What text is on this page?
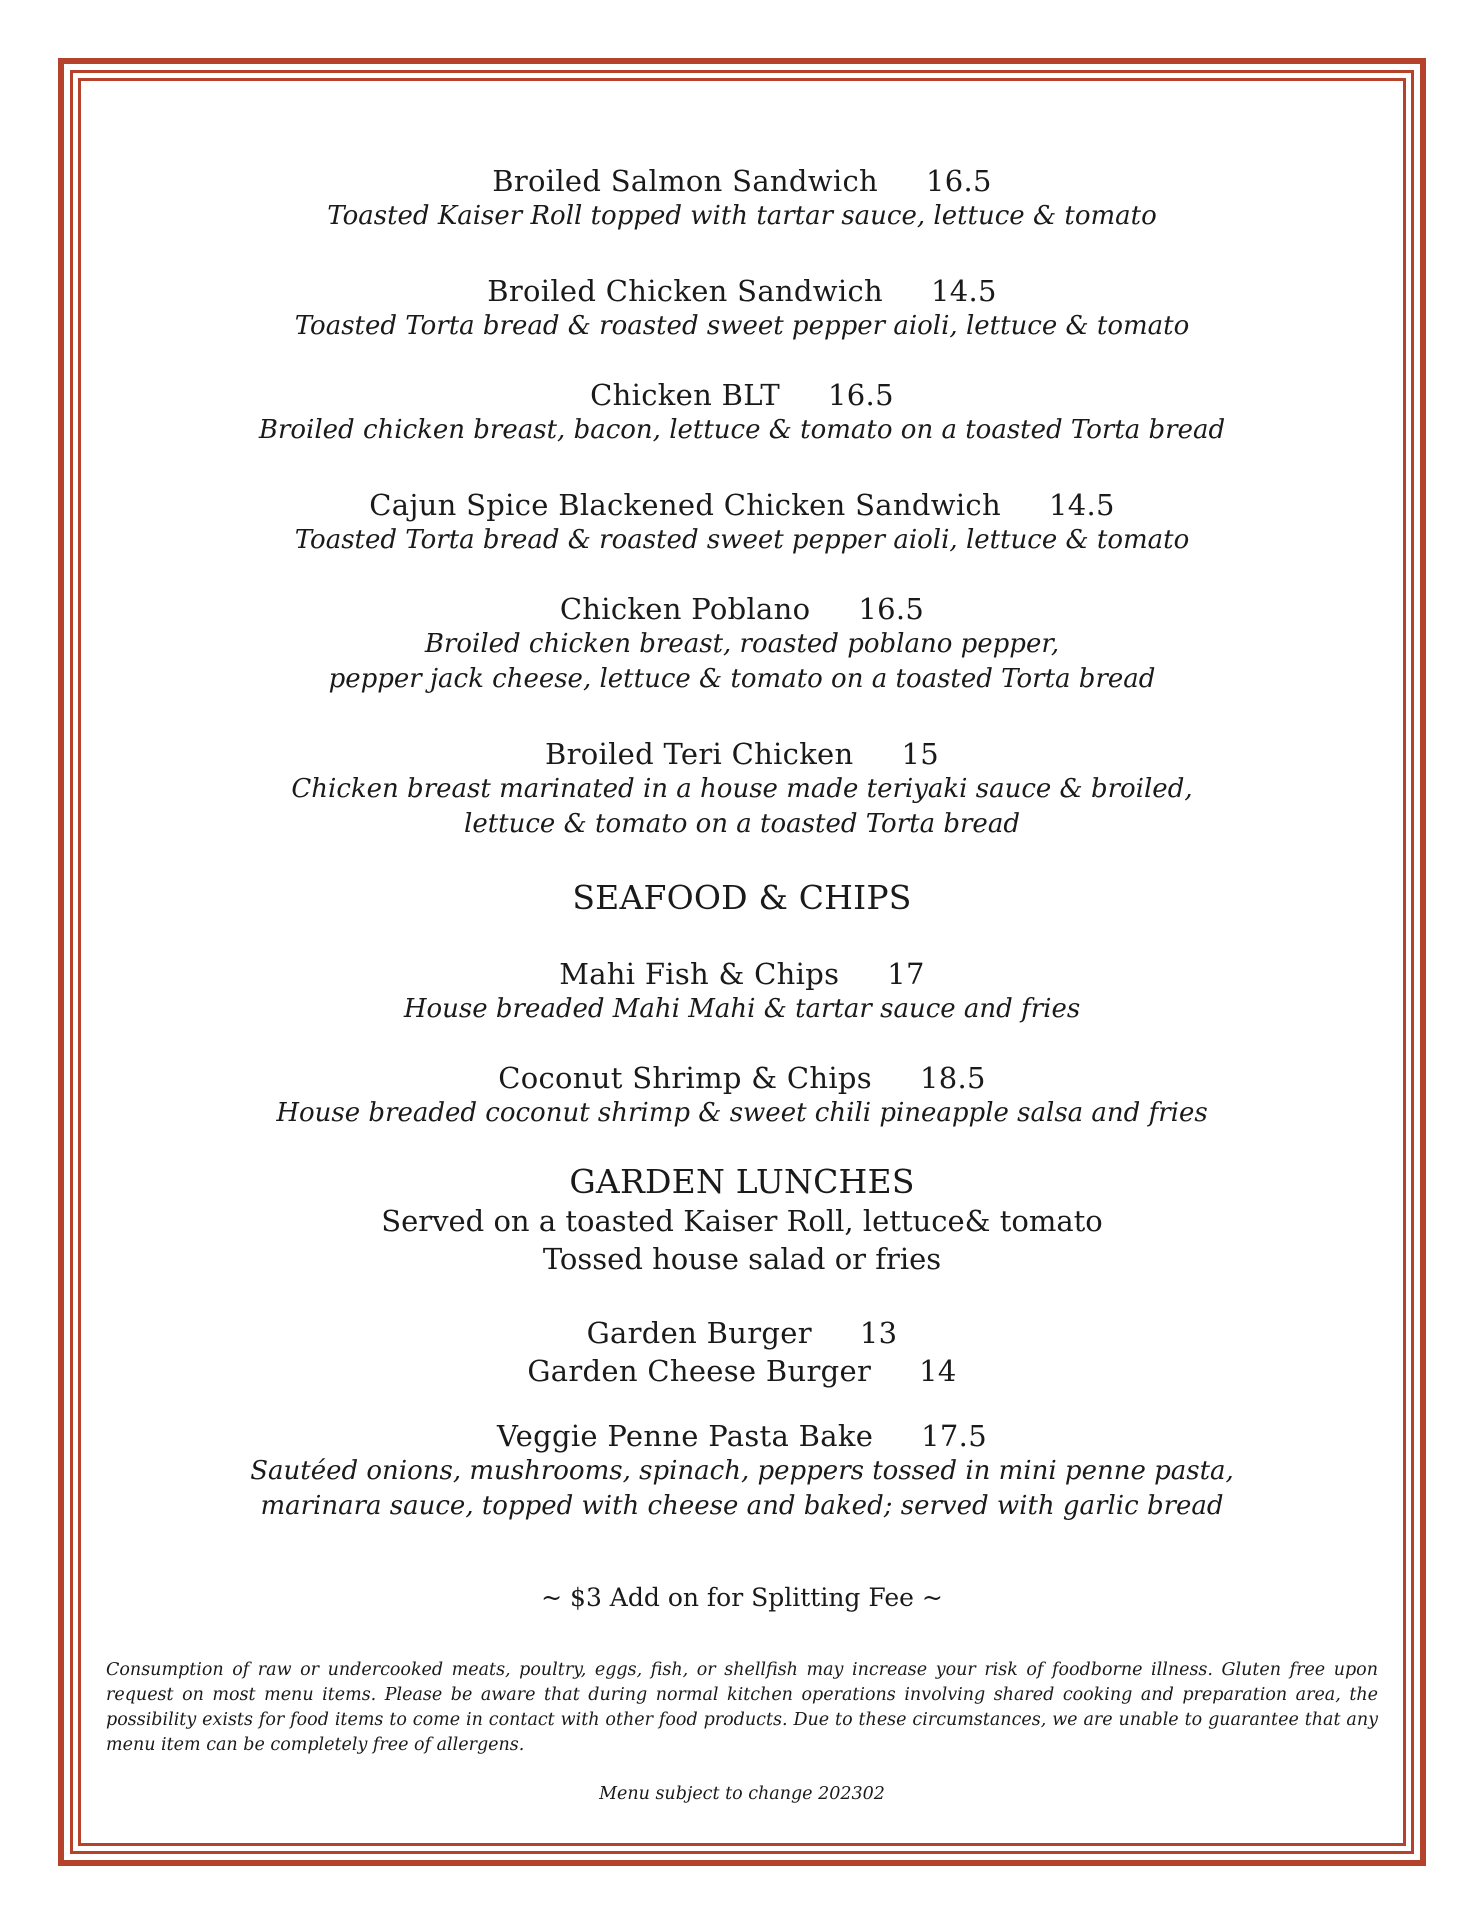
Broiled Salmon Sandwich 16.5
Toasted Kaiser Roll topped with tartar sauce, lettuce & tomato
Broiled Chicken Sandwich 14.5
Toasted Torta bread & roasted sweet pepper aioli, lettuce & tomato
Chicken BLT 16.5
Broiled chicken breast, bacon, lettuce & tomato on a toasted Torta bread
Cajun Spice Blackened Chicken Sandwich 14.5
Toasted Torta bread & roasted sweet pepper aioli, lettuce & tomato
Chicken Poblano 16.5
Broiled chicken breast, roasted poblano pepper,
pepper jack cheese, lettuce & tomato on a toasted Torta bread
Broiled Teri Chicken 15
Chicken breast marinated in a house made teriyaki sauce & broiled,
lettuce & tomato on a toasted Torta bread
SEAFOOD & CHIPS
Mahi Fish & Chips 17
House breaded Mahi Mahi & tartar sauce and fries
Coconut Shrimp & Chips 18.5
House breaded coconut shrimp & sweet chili pineapple salsa and fries
GARDEN LUNCHES
Served on a toasted Kaiser Roll, lettuce& tomato
Tossed house salad or fries
Garden Burger 13
Garden Cheese Burger 14
Veggie Penne Pasta Bake 17.5
Sautéed onions, mushrooms, spinach, peppers tossed in mini penne pasta,
marinara sauce, topped with cheese and baked; served with garlic bread
~ $3 Add on for Splitting Fee ~
Consumption of raw or undercooked meats, poultry, eggs, fish, or shellfish may increase your risk of foodborne illness. Gluten free upon request on most menu items. Please be aware that during normal kitchen operations involving shared cooking and preparation area, the possibility exists for food items to come in contact with other food products. Due to these circumstances, we are unable to guarantee that any menu item can be completely free of allergens.
Menu subject to change 202302
